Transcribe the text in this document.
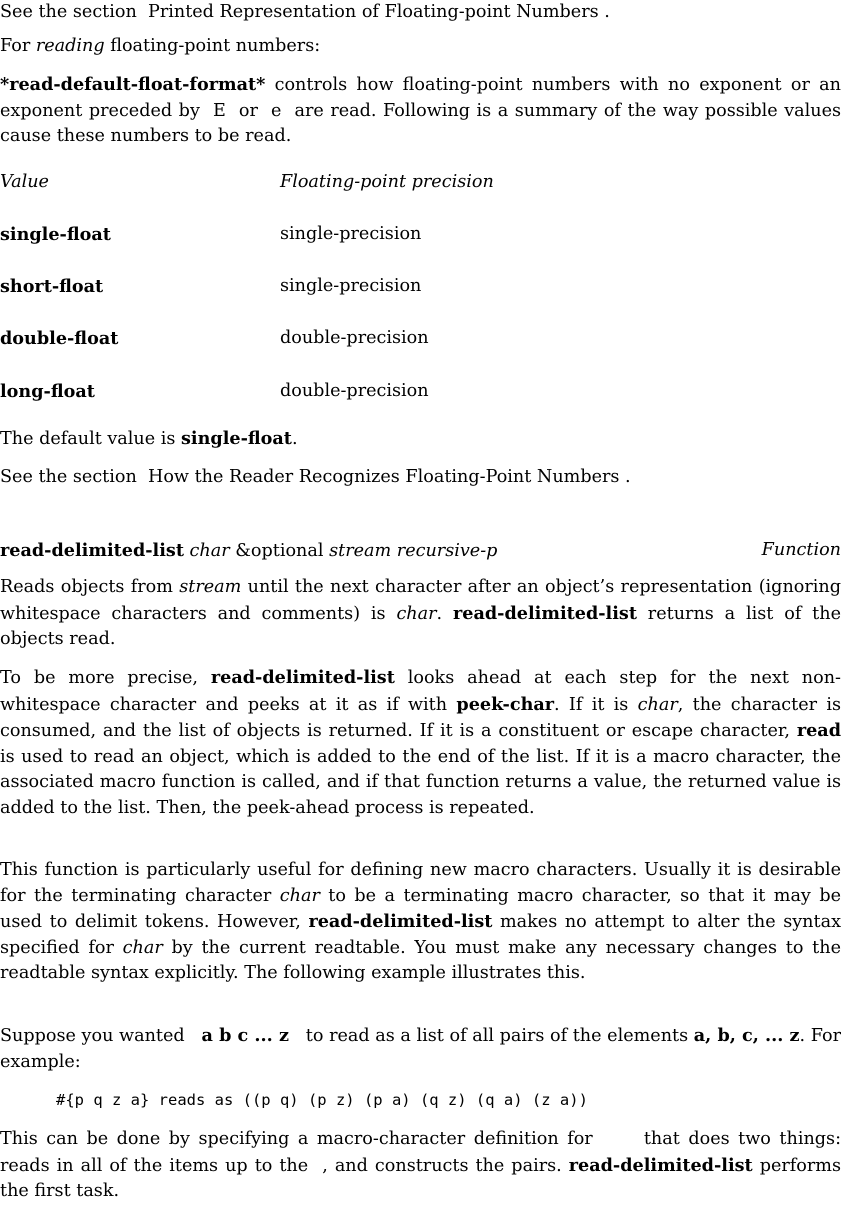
See the section  Printed Representation of Floating-point Numbers .

For reading floating-point numbers:

*read-default-float-format* controls how floating-point numbers with no exponent or an exponent preceded by  E  or  e  are read. Following is a summary of the way possible values cause these numbers to be read.

Value	Floating-point precision
single-float	single-precision
short-float	single-precision
double-float	double-precision
long-float	double-precision

The default value is single-float.

See the section  How the Reader Recognizes Floating-Point Numbers .

read-delimited-list char &optional stream recursive-p	Function

Reads objects from stream until the next character after an object’s representation (ignoring whitespace characters and comments) is char. read-delimited-list returns a list of the objects read.

To be more precise, read-delimited-list looks ahead at each step for the next non-whitespace character and peeks at it as if with peek-char. If it is char, the character is consumed, and the list of objects is returned. If it is a constituent or escape character, read is used to read an object, which is added to the end of the list. If it is a macro character, the associated macro function is called, and if that function returns a value, the returned value is added to the list. Then, the peek-ahead process is repeated.

This function is particularly useful for defining new macro characters. Usually it is desirable for the terminating character char to be a terminating macro character, so that it may be used to delimit tokens. However, read-delimited-list makes no attempt to alter the syntax specified for char by the current readtable. You must make any necessary changes to the readtable syntax explicitly. The following example illustrates this.

Suppose you wanted   a b c ... z   to read as a list of all pairs of the elements a, b, c, ... z. For example:

#{p q z a} reads as ((p q) (p z) (p a) (q z) (q a) (z a))

This can be done by specifying a macro-character definition for      that does two things: reads in all of the items up to the  , and constructs the pairs. read-delimited-list performs the first task.
